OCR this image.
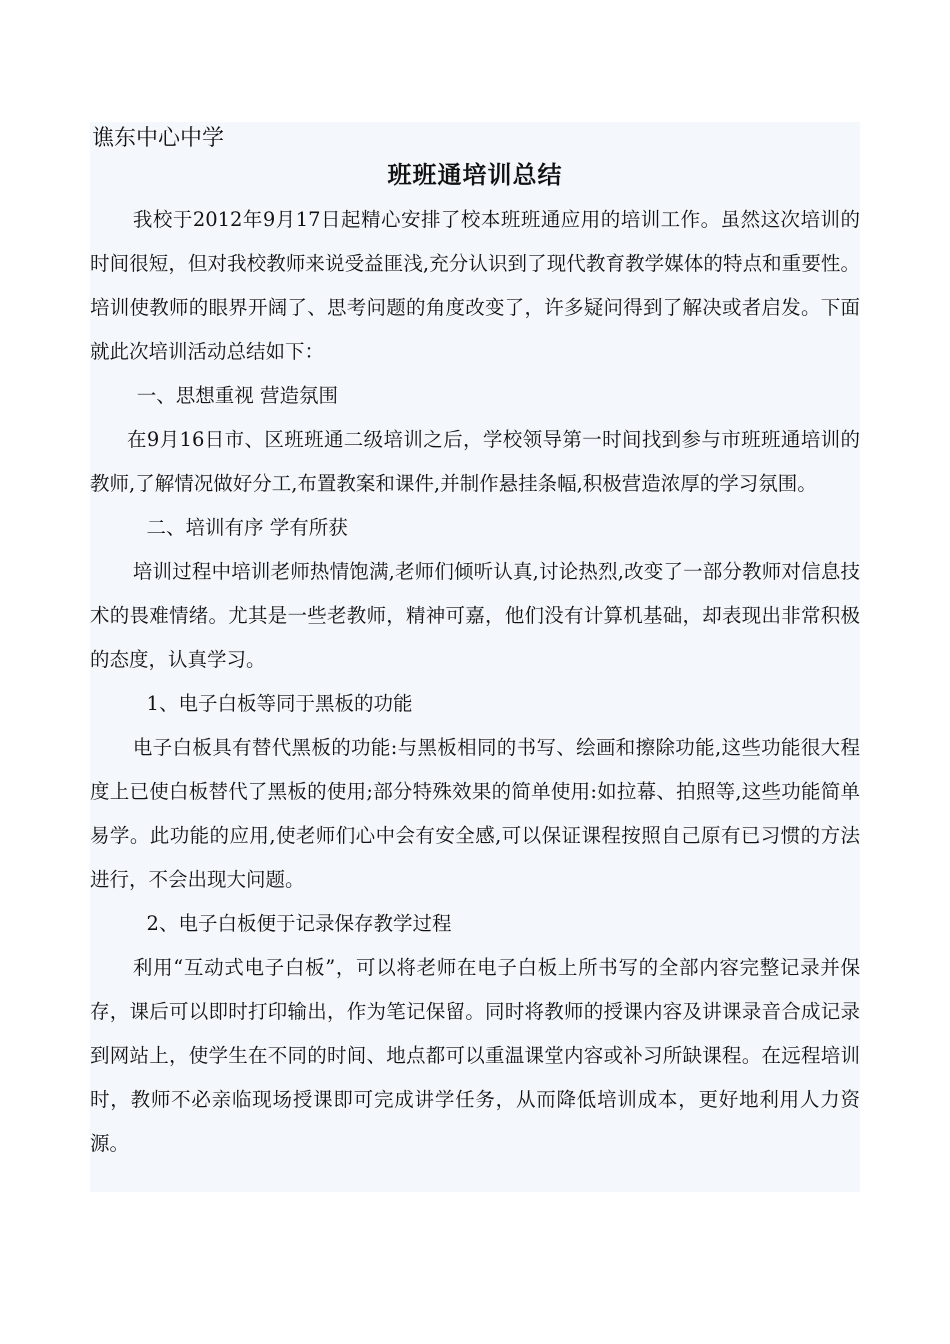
谯东中心中学
班班通培训总结

我校于2012年9月17日起精心安排了校本班班通应用的培训工作。虽然这次培训的时间很短，但对我校教师来说受益匪浅,充分认识到了现代教育教学媒体的特点和重要性。培训使教师的眼界开阔了、思考问题的角度改变了，许多疑问得到了解决或者启发。下面就此次培训活动总结如下：

一、思想重视 营造氛围

在9月16日市、区班班通二级培训之后，学校领导第一时间找到参与市班班通培训的教师,了解情况做好分工,布置教案和课件,并制作悬挂条幅,积极营造浓厚的学习氛围。

二、培训有序 学有所获

培训过程中培训老师热情饱满,老师们倾听认真,讨论热烈,改变了一部分教师对信息技术的畏难情绪。尤其是一些老教师，精神可嘉，他们没有计算机基础，却表现出非常积极的态度，认真学习。

1、电子白板等同于黑板的功能

电子白板具有替代黑板的功能:与黑板相同的书写、绘画和擦除功能,这些功能很大程度上已使白板替代了黑板的使用;部分特殊效果的简单使用:如拉幕、拍照等,这些功能简单易学。此功能的应用,使老师们心中会有安全感,可以保证课程按照自己原有已习惯的方法进行，不会出现大问题。

2、电子白板便于记录保存教学过程

利用“互动式电子白板”，可以将老师在电子白板上所书写的全部内容完整记录并保存，课后可以即时打印输出，作为笔记保留。同时将教师的授课内容及讲课录音合成记录到网站上，使学生在不同的时间、地点都可以重温课堂内容或补习所缺课程。在远程培训时，教师不必亲临现场授课即可完成讲学任务，从而降低培训成本，更好地利用人力资源。
